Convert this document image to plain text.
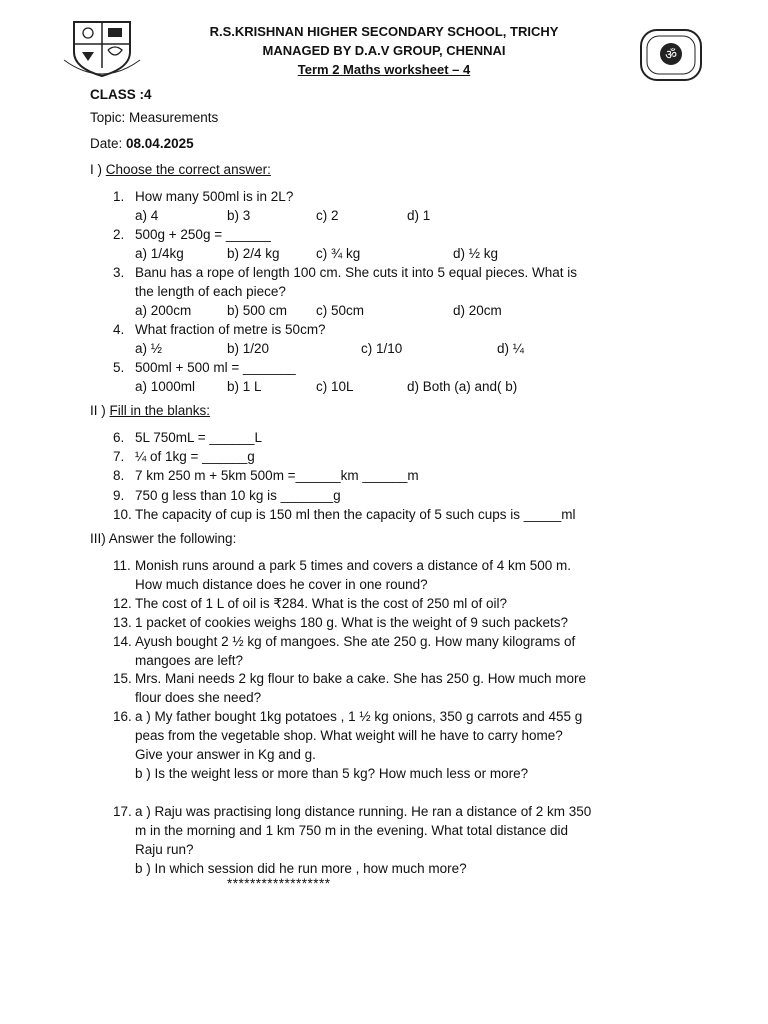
ॐ
R.S.KRISHNAN HIGHER SECONDARY SCHOOL, TRICHY
MANAGED BY D.A.V GROUP, CHENNAI
Term 2 Maths worksheet – 4
CLASS :4
Topic: Measurements
Date: 08.04.2025
I ) Choose the correct answer:
1. How many 500ml is in 2L?
a) 4	b) 3	c) 2	d) 1
2. 500g + 250g = ______
a) 1/4kg	b) 2/4 kg	c) ¾ kg	d) ½ kg
3. Banu has a rope of length 100 cm. She cuts it into 5 equal pieces. What is
the length of each piece?
a) 200cm	b) 500 cm c) 50cm	d) 20cm
4. What fraction of metre is 50cm?
a) ½	b) 1/20	c) 1/10	d) ¼
5. 500ml + 500 ml = _______
a) 1000ml b) 1 L	c) 10L	d) Both (a) and( b)
II ) Fill in the blanks:
6. 5L 750mL = ______L
7. ¼ of 1kg = ______g
8. 7 km 250 m + 5km 500m =______km ______m
9. 750 g less than 10 kg is _______g
10. The capacity of cup is 150 ml then the capacity of 5 such cups is _____ml
III) Answer the following:
11. Monish runs around a park 5 times and covers a distance of 4 km 500 m.
How much distance does he cover in one round?
12. The cost of 1 L of oil is ₹284. What is the cost of 250 ml of oil?
13. 1 packet of cookies weighs 180 g. What is the weight of 9 such packets?
14. Ayush bought 2 ½ kg of mangoes. She ate 250 g. How many kilograms of
mangoes are left?
15. Mrs. Mani needs 2 kg flour to bake a cake. She has 250 g. How much more
flour does she need?
16. a ) My father bought 1kg potatoes , 1 ½ kg onions, 350 g carrots and 455 g
peas from the vegetable shop. What weight will he have to carry home?
Give your answer in Kg and g.
b ) Is the weight less or more than 5 kg? How much less or more?
17. a ) Raju was practising long distance running. He ran a distance of 2 km 350
m in the morning and 1 km 750 m in the evening. What total distance did
Raju run?
b ) In which session did he run more , how much more?
******************
